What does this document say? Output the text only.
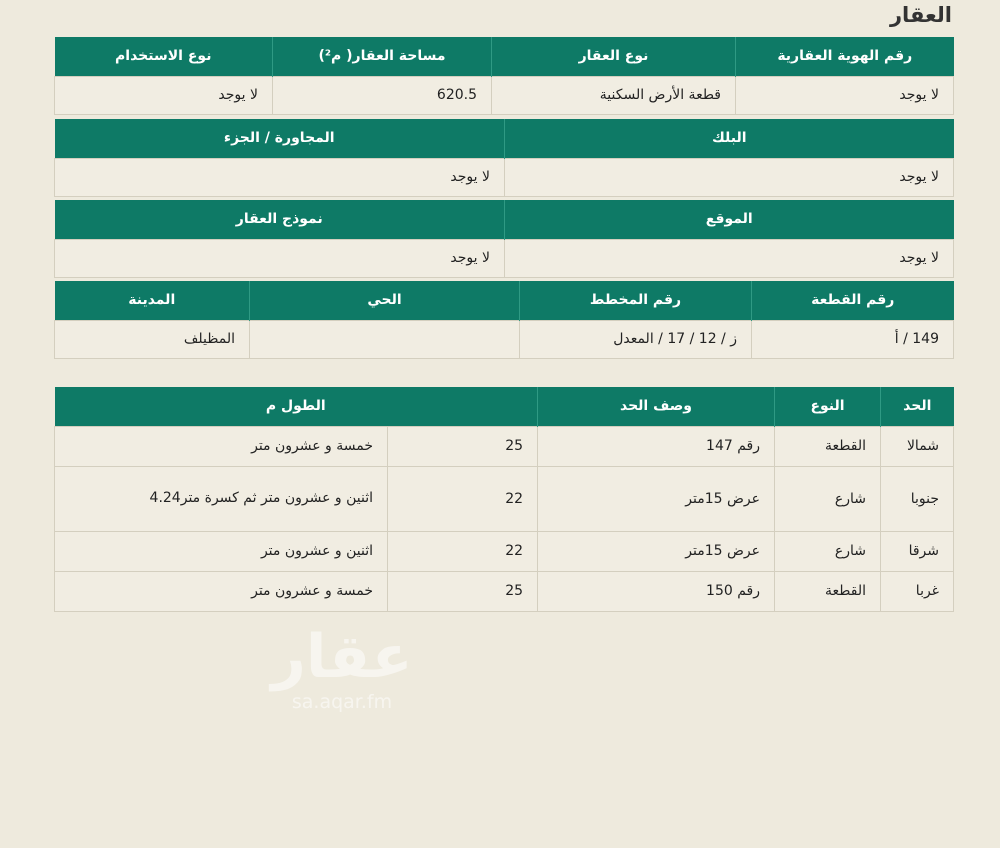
العقار
رقم الهوية العقارية	نوع العقار	مساحة العقار( م²)	نوع الاستخدام
لا يوجد	قطعة الأرض السكنية	620.5	لا يوجد
البلك	المجاورة / الجزء
لا يوجد	لا يوجد
الموقع	نموذج العقار
لا يوجد	لا يوجد
رقم القطعة	رقم المخطط	الحي	المدينة
149 / أ	ز / 12 / 17 / المعدل		المظيلف
الحد	النوع	وصف الحد	الطول م	
شمالا	القطعة	رقم 147	25	خمسة و عشرون متر
جنوبا	شارع	عرض 15متر	22	اثنين و عشرون متر ثم كسرة متر4.24
شرقا	شارع	عرض 15متر	22	اثنين و عشرون متر
غربا	القطعة	رقم 150	25	خمسة و عشرون متر
عقار
sa.aqar.fm
